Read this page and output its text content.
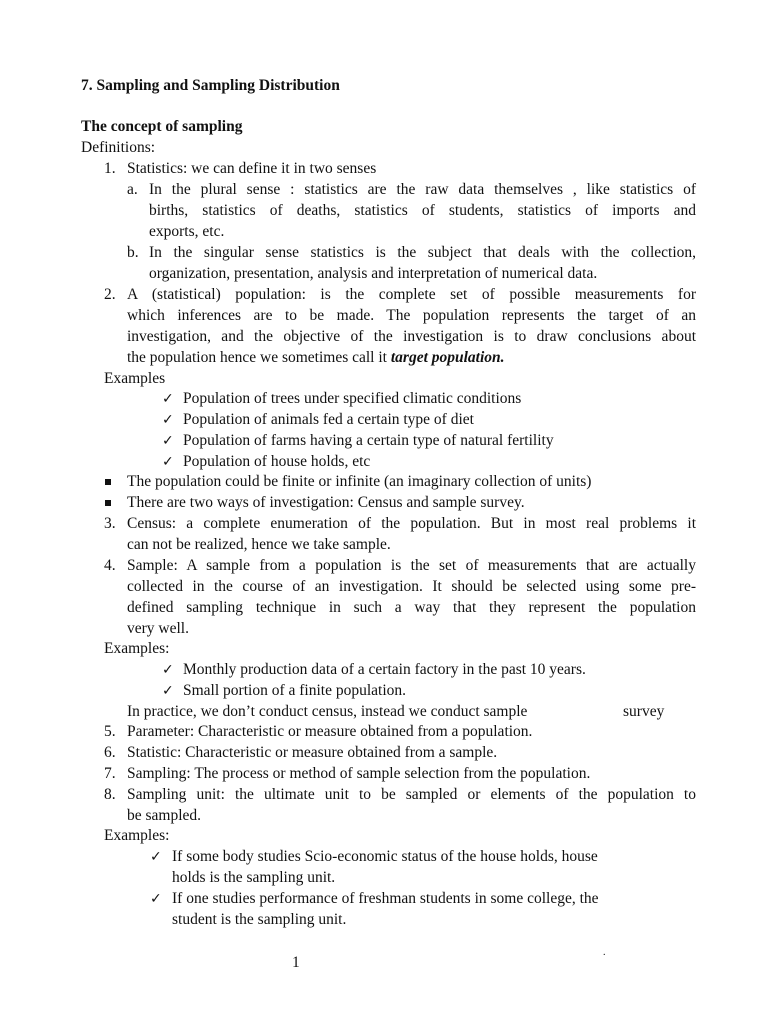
7. Sampling and Sampling Distribution
The concept of sampling
Definitions:
1. Statistics: we can define it in two senses
a. In the plural sense : statistics are the raw data themselves , like statistics of
births, statistics of deaths, statistics of students, statistics of imports and
exports, etc.
b. In the singular sense statistics is the subject that deals with the collection,
organization, presentation, analysis and interpretation of numerical data.
2. A (statistical) population: is the complete set of possible measurements for
which inferences are to be made. The population represents the target of an
investigation, and the objective of the investigation is to draw conclusions about
the population hence we sometimes call it target population.
Examples
✓ Population of trees under specified climatic conditions
✓ Population of animals fed a certain type of diet
✓ Population of farms having a certain type of natural fertility
✓ Population of house holds, etc
The population could be finite or infinite (an imaginary collection of units)
There are two ways of investigation: Census and sample survey.
3. Census: a complete enumeration of the population. But in most real problems it
can not be realized, hence we take sample.
4. Sample: A sample from a population is the set of measurements that are actually
collected in the course of an investigation. It should be selected using some pre-
defined sampling technique in such a way that they represent the population
very well.
Examples:
✓ Monthly production data of a certain factory in the past 10 years.
✓ Small portion of a finite population.
In practice, we don’t conduct census, instead we conduct sample	survey
5. Parameter: Characteristic or measure obtained from a population.
6. Statistic: Characteristic or measure obtained from a sample.
7. Sampling: The process or method of sample selection from the population.
8. Sampling unit: the ultimate unit to be sampled or elements of the population to
be sampled.
Examples:
✓ If some body studies Scio-economic status of the house holds, house
holds is the sampling unit.
✓ If one studies performance of freshman students in some college, the
student is the sampling unit.
1
.
